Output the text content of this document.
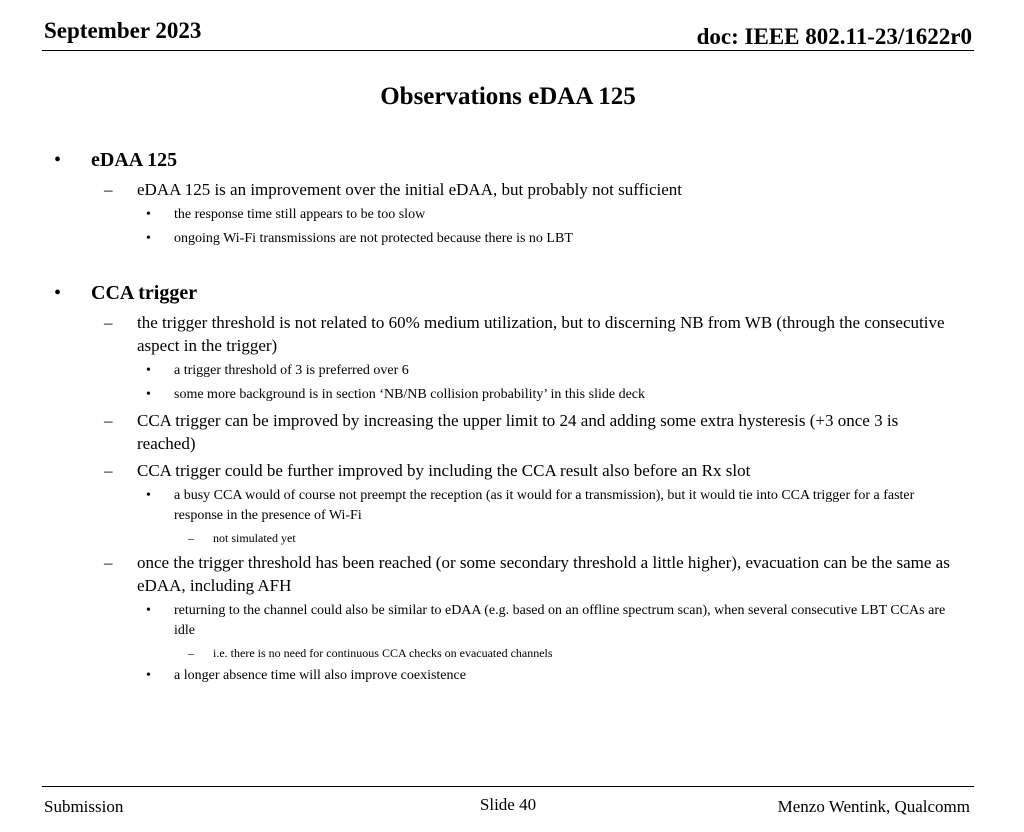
September 2023	doc: IEEE 802.11-23/1622r0
Observations eDAA 125
• eDAA 125
– eDAA 125 is an improvement over the initial eDAA, but probably not sufficient
• the response time still appears to be too slow
• ongoing Wi-Fi transmissions are not protected because there is no LBT
• CCA trigger
– the trigger threshold is not related to 60% medium utilization, but to discerning NB from WB (through the consecutive aspect in the trigger)
• a trigger threshold of 3 is preferred over 6
• some more background is in section ‘NB/NB collision probability’ in this slide deck
– CCA trigger can be improved by increasing the upper limit to 24 and adding some extra hysteresis (+3 once 3 is reached)
– CCA trigger could be further improved by including the CCA result also before an Rx slot
• a busy CCA would of course not preempt the reception (as it would for a transmission), but it would tie into CCA trigger for a faster response in the presence of Wi-Fi
– not simulated yet
– once the trigger threshold has been reached (or some secondary threshold a little higher), evacuation can be the same as eDAA, including AFH
• returning to the channel could also be similar to eDAA (e.g. based on an offline spectrum scan), when several consecutive LBT CCAs are idle
– i.e. there is no need for continuous CCA checks on evacuated channels
• a longer absence time will also improve coexistence
Submission	Slide 40	Menzo Wentink, Qualcomm
